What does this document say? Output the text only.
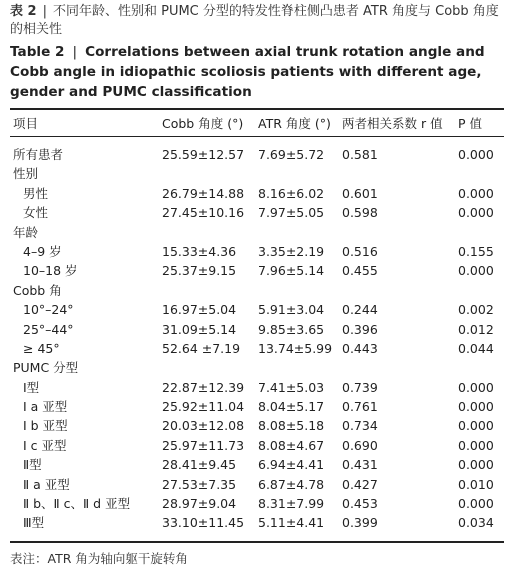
表 2 | 不同年龄、性别和 PUMC 分型的特发性脊柱侧凸患者 ATR 角度与 Cobb 角度的相关性
Table 2 | Correlations between axial trunk rotation angle and Cobb angle in idiopathic scoliosis patients with different age, gender and PUMC classification
项目	Cobb 角度 (°) ATR 角度 (°) 两者相关系数 r 值 P 值
所有患者	25.59±12.57 7.69±5.72 0.581	0.000
性别
男性	26.79±14.88 8.16±6.02 0.601	0.000
女性	27.45±10.16 7.97±5.05 0.598	0.000
年龄
4–9 岁	15.33±4.36 3.35±2.19 0.516	0.155
10–18 岁	25.37±9.15 7.96±5.14 0.455	0.000
Cobb 角
10°–24°	16.97±5.04 5.91±3.04 0.244	0.002
25°–44°	31.09±5.14 9.85±3.65 0.396	0.012
≥ 45°	52.64 ±7.19 13.74±5.99 0.443	0.044
PUMC 分型
Ⅰ型	22.87±12.39 7.41±5.03 0.739	0.000
Ⅰ a 亚型	25.92±11.04 8.04±5.17 0.761	0.000
Ⅰ b 亚型	20.03±12.08 8.08±5.18 0.734	0.000
Ⅰ c 亚型	25.97±11.73 8.08±4.67 0.690	0.000
Ⅱ型	28.41±9.45 6.94±4.41 0.431	0.000
Ⅱ a 亚型	27.53±7.35 6.87±4.78 0.427	0.010
Ⅱ b、Ⅱ c、Ⅱ d 亚型	28.97±9.04 8.31±7.99 0.453	0.000
Ⅲ型	33.10±11.45 5.11±4.41 0.399	0.034
表注：ATR 角为轴向躯干旋转角
